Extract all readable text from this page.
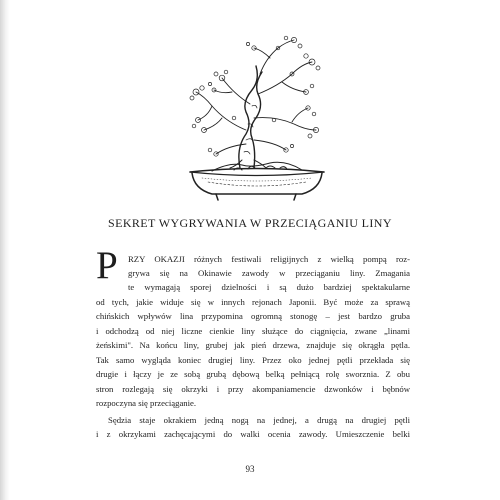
SEKRET WYGRYWANIA W PRZECIĄGANIU LINY
P RZY OKAZJI różnych festiwali religijnych z wielką pompą roz-
grywa się na Okinawie zawody w przeciąganiu liny. Zmagania
te wymagają sporej dzielności i są dużo bardziej spektakularne
od tych, jakie widuje się w innych rejonach Japonii. Być może za sprawą
chińskich wpływów lina przypomina ogromną stonogę – jest bardzo gruba
i odchodzą od niej liczne cienkie liny służące do ciągnięcia, zwane „linami
żeńskimi". Na końcu liny, grubej jak pień drzewa, znajduje się okrągła pętla.
Tak samo wygląda koniec drugiej liny. Przez oko jednej pętli przekłada się
drugie i łączy je ze sobą grubą dębową belką pełniącą rolę sworznia. Z obu
stron rozlegają się okrzyki i przy akompaniamencie dzwonków i bębnów
rozpoczyna się przeciąganie.
Sędzia staje okrakiem jedną nogą na jednej, a drugą na drugiej pętli
i z okrzykami zachęcającymi do walki ocenia zawody. Umieszczenie belki
93
